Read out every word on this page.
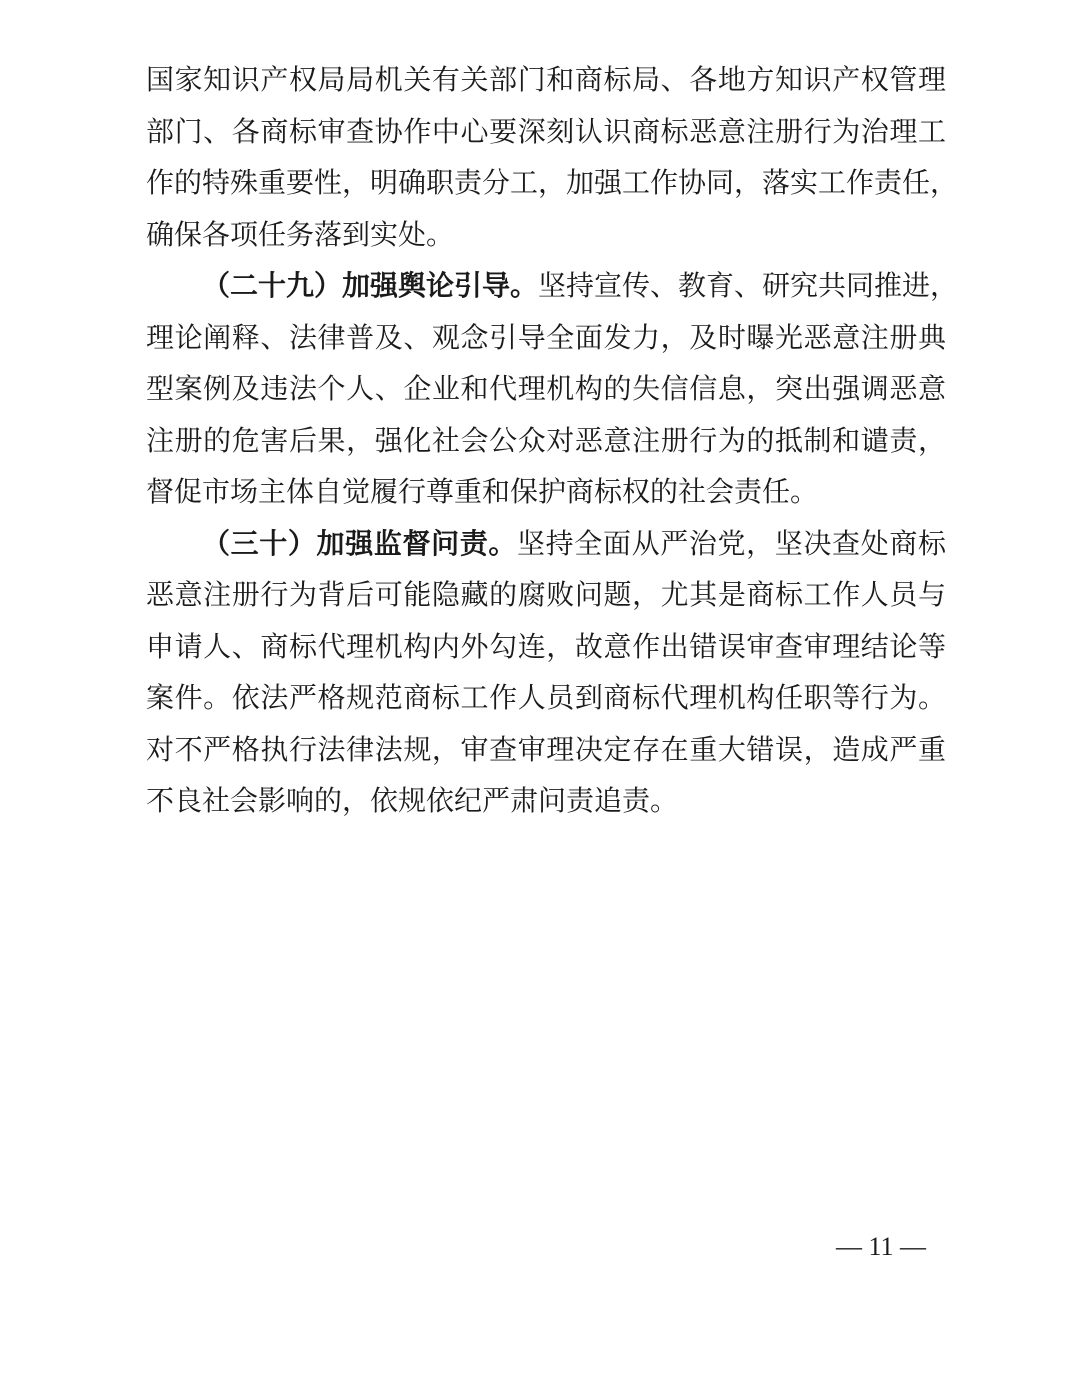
国家知识产权局局机关有关部门和商标局、各地方知识产权管理
部门、各商标审查协作中心要深刻认识商标恶意注册行为治理工
作的特殊重要性，明确职责分工，加强工作协同，落实工作责任，
确保各项任务落到实处。
（二十九）加强舆论引导。坚持宣传、教育、研究共同推进，
理论阐释、法律普及、观念引导全面发力，及时曝光恶意注册典
型案例及违法个人、企业和代理机构的失信信息，突出强调恶意
注册的危害后果，强化社会公众对恶意注册行为的抵制和谴责，
督促市场主体自觉履行尊重和保护商标权的社会责任。
（三十）加强监督问责。坚持全面从严治党，坚决查处商标
恶意注册行为背后可能隐藏的腐败问题，尤其是商标工作人员与
申请人、商标代理机构内外勾连，故意作出错误审查审理结论等
案件。依法严格规范商标工作人员到商标代理机构任职等行为。
对不严格执行法律法规，审查审理决定存在重大错误，造成严重
不良社会影响的，依规依纪严肃问责追责。
— 11 —
